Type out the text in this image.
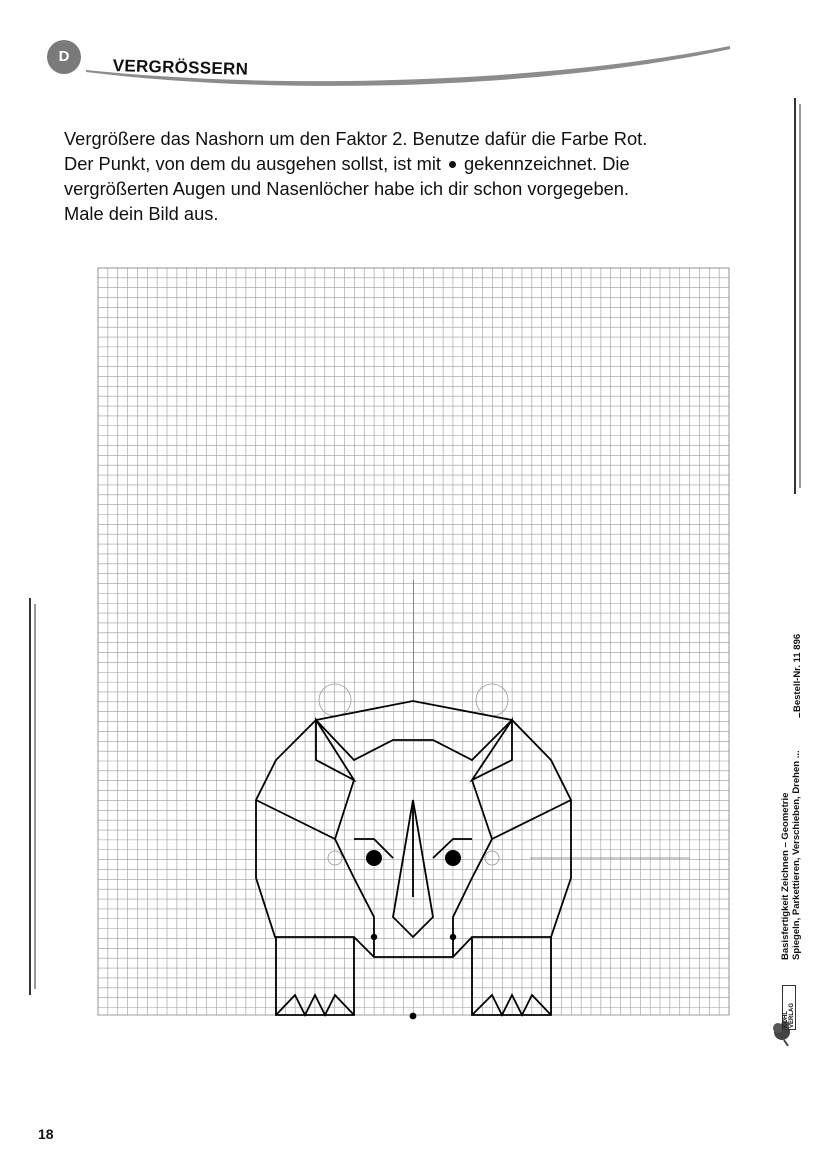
D	VERGRÖSSERN

Vergrößere das Nashorn um den Faktor 2. Benutze dafür die Farbe Rot.

Der Punkt, von dem du ausgehen sollst, ist mit gekennzeichnet. Die

vergrößerten Augen und Nasenlöcher habe ich dir schon vorgegeben.

Male dein Bild aus.

Basisfertigkeit Zeichnen – Geometrie Spiegeln, Parkettieren, Verschieben, Drehen ...
–
Bestell-Nr. 11 896
KOHL VERLAG
18
